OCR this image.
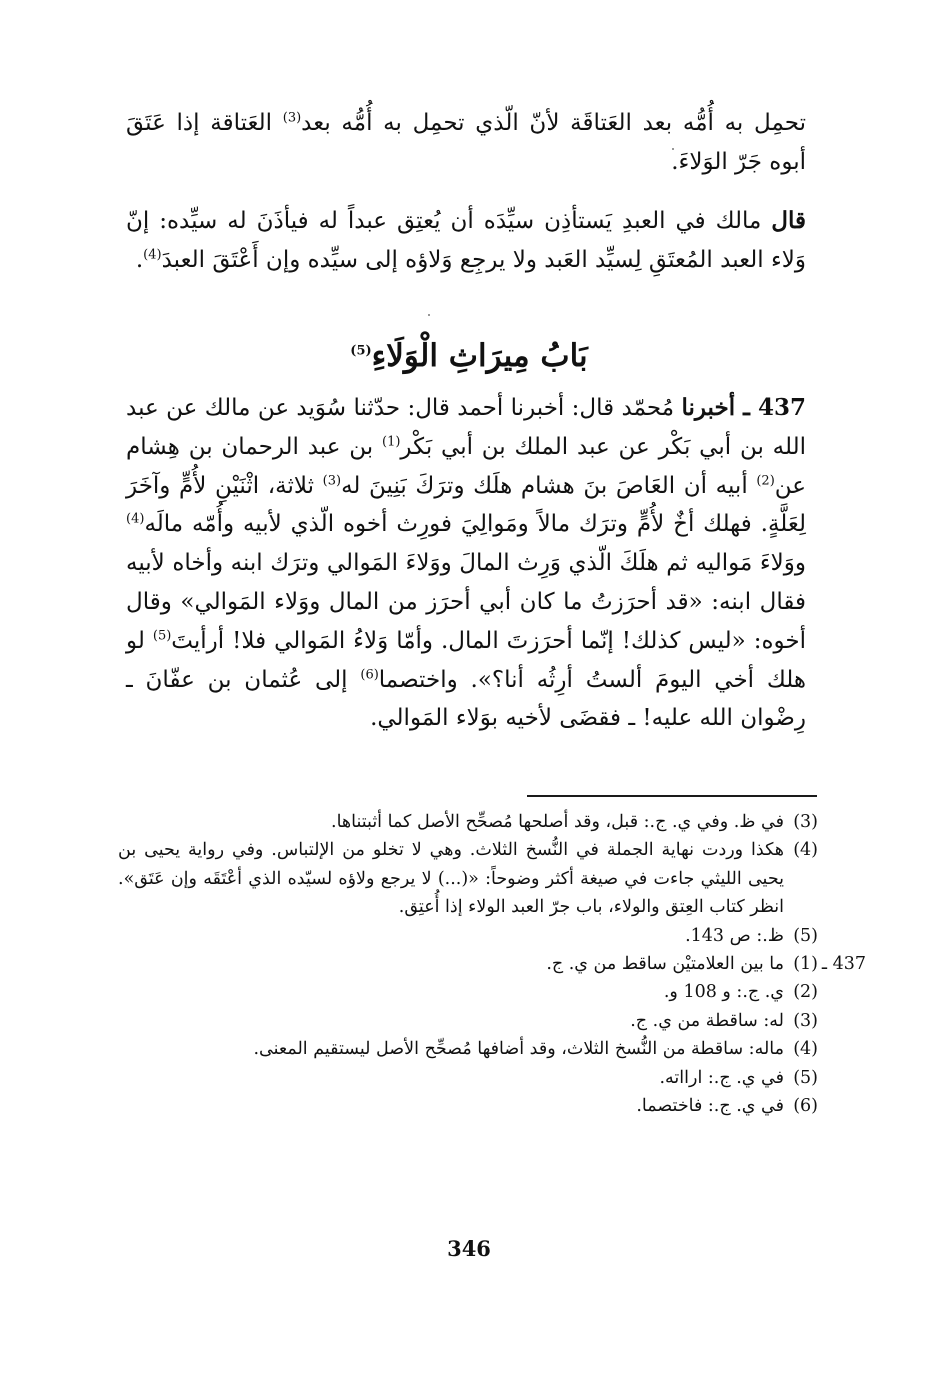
تحمِل به أُمُّه بعد العَتاقَة لأنّ الّذي تحمِل به أُمُّه بعد$^{(3)}$ العَتاقة إذا عَتَقَ أبوه جَرّ الوَلاءَ.
قال مالك في العبدِ يَستأذِن سيِّدَه أن يُعتِق عبداً له فيأذَنَ له سيِّده: إنّ وَلاء العبد المُعتَقِ لِسيِّد العَبد ولا يرجِع وَلاؤه إلى سيِّده وإن أَعْتَقَ العبدَ$^{(4)}$.
بَابُ مِيرَاثِ الْوَلَاءِ$^{(5)}$
437 ـ أخبرنا مُحمّد قال: أخبرنا أحمد قال: حدّثنا سُوَيد عن مالك عن عبد الله بن أبي بَكْر عن عبد الملك بن أبي بَكْر$^{(1)}$ بن عبد الرحمان بن هِشام عن$^{(2)}$ أبيه أن العَاصَ بنَ هشام هلَك وترَكَ بَنِينَ له$^{(3)}$ ثلاثة، اثْنَيْنِ لأُمٍّ وآخَرَ لِعَلَّةٍ. فهلك أخٌ لأُمٍّ وترَك مالاً ومَوالِيَ فورِث أخوه الّذي لأبيه وأُمّه مالَه$^{(4)}$ ووَلاءَ مَواليه ثم هلَكَ الّذي وَرِث المالَ ووَلاءَ المَوالي وترَك ابنه وأخاه لأبيه فقال ابنه: «قد أحرَزتُ ما كان أبي أحرَز من المال ووَلاء المَوالي» وقال أخوه: «ليس كذلك! إنّما أحرَزتَ المال. وأمّا وَلاءُ المَوالي فلا! أرأيتَ$^{(5)}$ لو هلك أخي اليومَ ألستُ أرِثُه أنا؟». واختصما$^{(6)}$ إلى عُثمان بن عفّانَ ـ رِضْوان الله عليه! ـ فقضَى لأخيه بوَلاء المَوالي.
(3)
في ظ. وفي ي. ج.: قبل، وقد أصلحها مُصحِّح الأصل كما أثبتناها.
(4)
هكذا وردت نهاية الجملة في النُّسخ الثلاث. وهي لا تخلو من الإلتباس. وفي رواية يحيى بن يحيى الليثي جاءت في صيغة أكثر وضوحاً: «(...) لا يرجع ولاؤه لسيّده الذي أعْتَقَه وإن عَتَق». انظر كتاب العِتق والولاء، باب جرّ العبد الولاء إذا أُعتِق.
(5)
ظ.: ص 143.
437 ـ
(1)
ما بين العلامتيْن ساقط من ي. ج.
(2)
ي. ج.: و 108 و.
(3)
له: ساقطة من ي. ج.
(4)
ماله: ساقطة من النُّسخ الثلاث، وقد أضافها مُصحِّح الأصل ليستقيم المعنى.
(5)
في ي. ج.: ارااته.
(6)
في ي. ج.: فاختصما.
346
